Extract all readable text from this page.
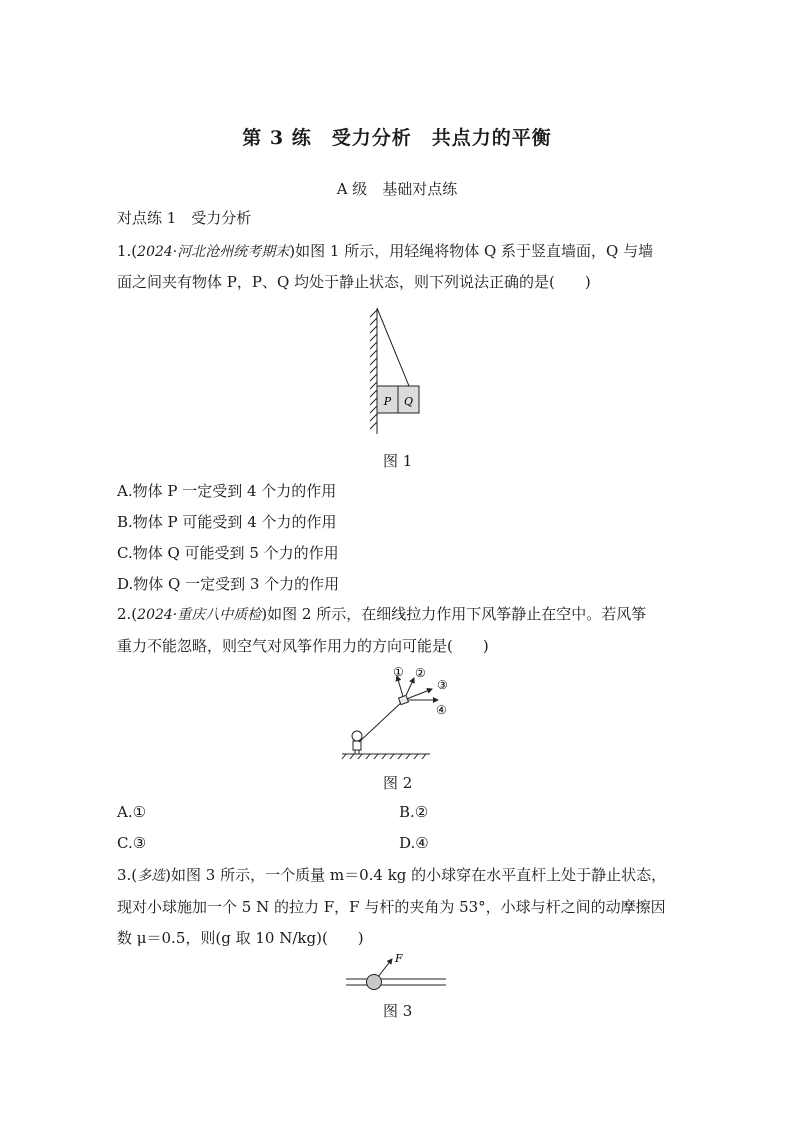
第 3 练　受力分析　共点力的平衡
A 级　基础对点练
对点练 1　受力分析
1.(2024·河北沧州统考期末)如图 1 所示，用轻绳将物体 Q 系于竖直墙面，Q 与墙
面之间夹有物体 P，P、Q 均处于静止状态，则下列说法正确的是(　　)
P Q
图 1
A.物体 P 一定受到 4 个力的作用
B.物体 P 可能受到 4 个力的作用
C.物体 Q 可能受到 5 个力的作用
D.物体 Q 一定受到 3 个力的作用
2.(2024·重庆八中质检)如图 2 所示，在细线拉力作用下风筝静止在空中。若风筝
重力不能忽略，则空气对风筝作用力的方向可能是(　　)
① ②
③
④
图 2
A.①	B.②
C.③	D.④
3.(多选)如图 3 所示，一个质量 m＝0.4 kg 的小球穿在水平直杆上处于静止状态，
现对小球施加一个 5 N 的拉力 F，F 与杆的夹角为 53°，小球与杆之间的动摩擦因
数 μ＝0.5，则(g 取 10 N/kg)(　　)
F
图 3
